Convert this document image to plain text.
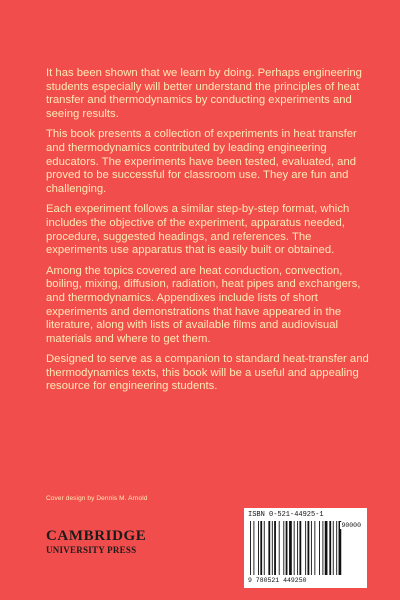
It has been shown that we learn by doing. Perhaps engineering students especially will better understand the principles of heat transfer and thermodynamics by conducting experiments and seeing results.

This book presents a collection of experiments in heat transfer and thermodynamics contributed by leading engineering educators. The experiments have been tested, evaluated, and proved to be successful for classroom use. They are fun and challenging.

Each experiment follows a similar step-by-step format, which includes the objective of the experiment, apparatus needed, procedure, suggested headings, and references. The experiments use apparatus that is easily built or obtained.

Among the topics covered are heat conduction, convection, boiling, mixing, diffusion, radiation, heat pipes and exchangers, and thermodynamics. Appendixes include lists of short experiments and demonstrations that have appeared in the literature, along with lists of available films and audiovisual materials and where to get them.

Designed to serve as a companion to standard heat-transfer and thermodynamics texts, this book will be a useful and appealing resource for engineering students.

Cover design by Dennis M. Arnold
CAMBRIDGE
UNIVERSITY PRESS
ISBN 0-521-44925-1
90000
9 780521 449250
